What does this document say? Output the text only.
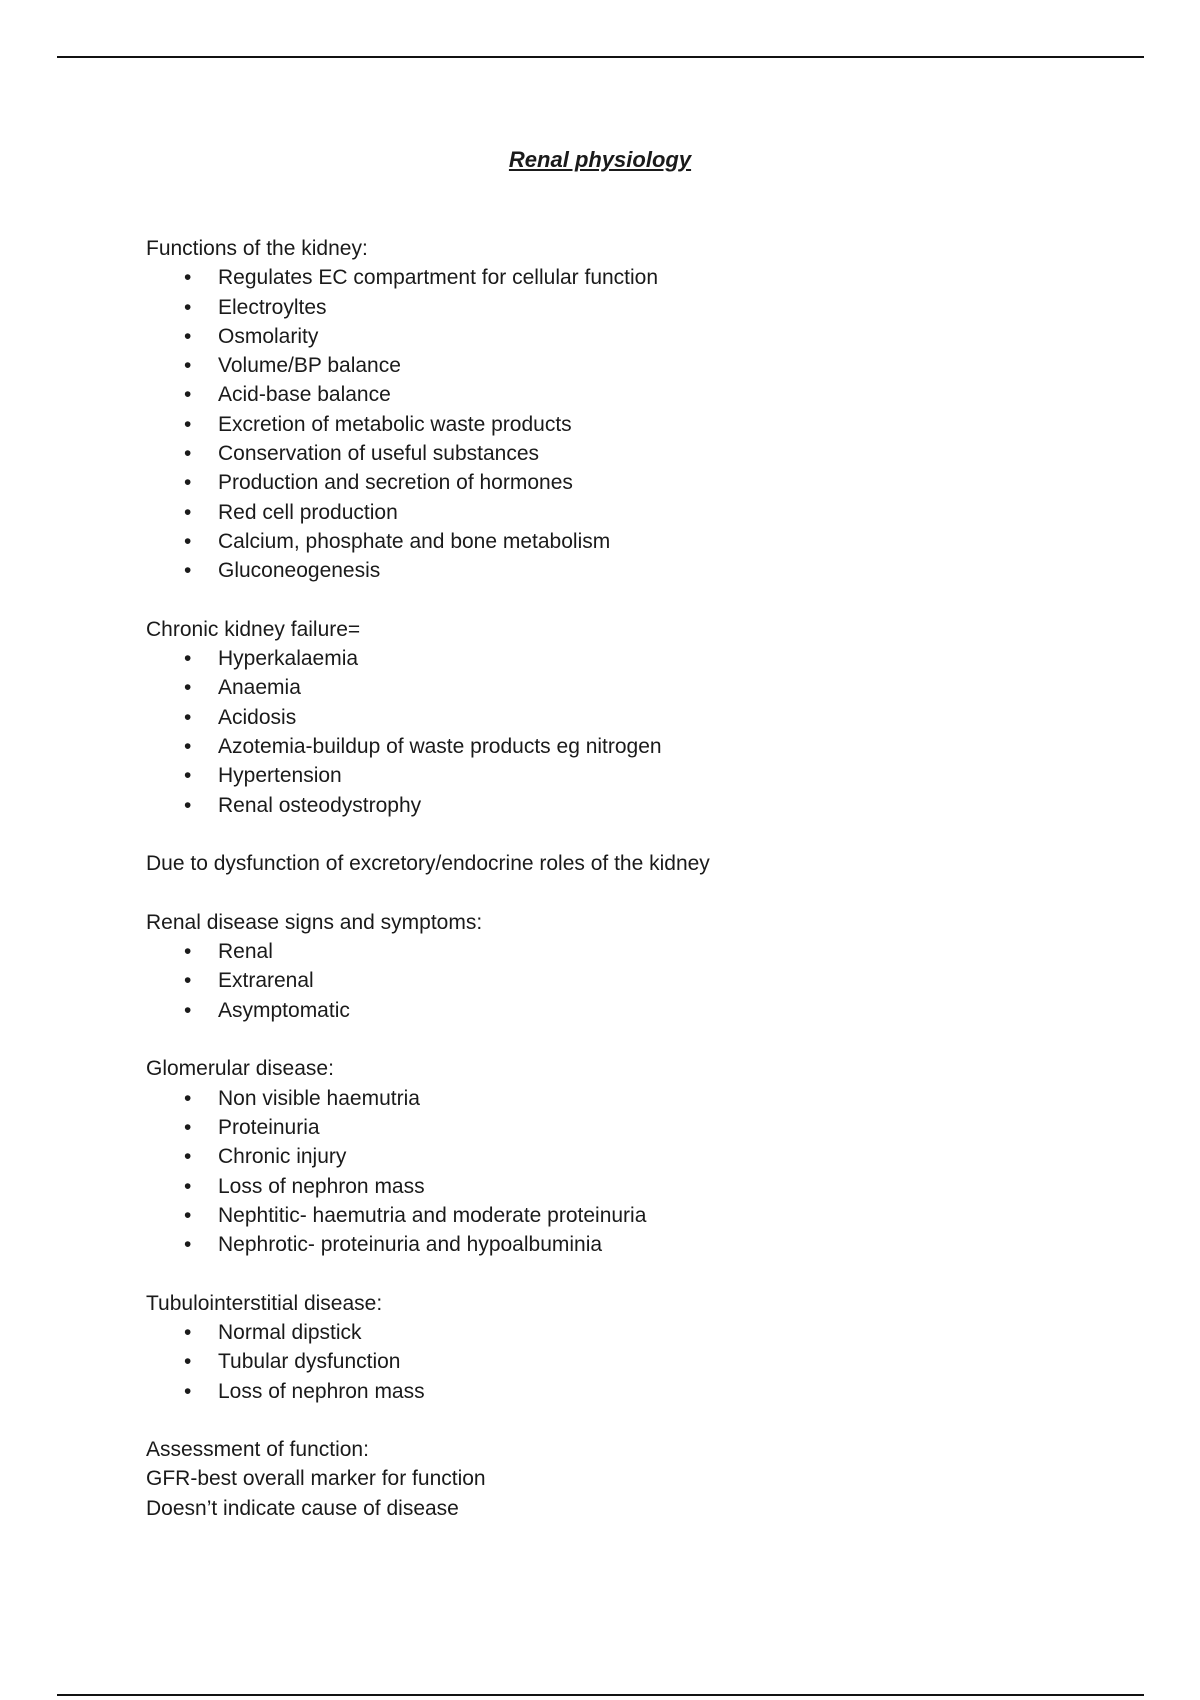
Renal physiology

Functions of the kidney:

• Regulates EC compartment for cellular function
• Electroyltes
• Osmolarity
• Volume/BP balance
• Acid-base balance
• Excretion of metabolic waste products
• Conservation of useful substances
• Production and secretion of hormones
• Red cell production
• Calcium, phosphate and bone metabolism
• Gluconeogenesis

Chronic kidney failure=

• Hyperkalaemia
• Anaemia
• Acidosis
• Azotemia-buildup of waste products eg nitrogen
• Hypertension
• Renal osteodystrophy

Due to dysfunction of excretory/endocrine roles of the kidney

Renal disease signs and symptoms:

• Renal
• Extrarenal
• Asymptomatic

Glomerular disease:

• Non visible haemutria
• Proteinuria
• Chronic injury
• Loss of nephron mass
• Nephtitic- haemutria and moderate proteinuria
• Nephrotic- proteinuria and hypoalbuminia

Tubulointerstitial disease:

• Normal dipstick
• Tubular dysfunction
• Loss of nephron mass

Assessment of function:

GFR-best overall marker for function

Doesn’t indicate cause of disease
